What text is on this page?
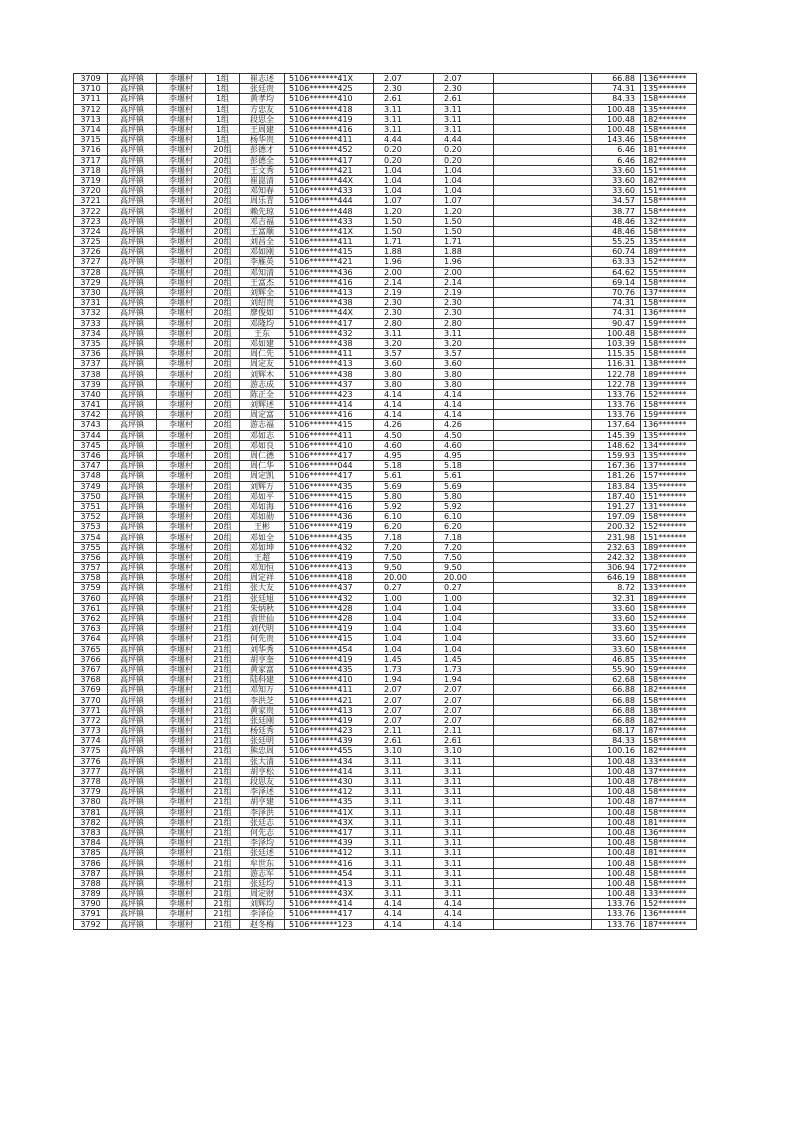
3709	高坪镇	李堰村	1组	崔志述	5106*******41X	2.07	2.07		66.88	136*******
3710	高坪镇	李堰村	1组	张廷贵	5106*******425	2.30	2.30		74.31	135*******
3711	高坪镇	李堰村	1组	黄孝均	5106*******410	2.61	2.61		84.33	158*******
3712	高坪镇	李堰村	1组	方忠友	5106*******418	3.11	3.11		100.48	135*******
3713	高坪镇	李堰村	1组	段思全	5106*******419	3.11	3.11		100.48	182*******
3714	高坪镇	李堰村	1组	王周建	5106*******416	3.11	3.11		100.48	158*******
3715	高坪镇	李堰村	1组	杨华贵	5106*******411	4.44	4.44		143.46	158*******
3716	高坪镇	李堰村	20组	彭德才	5106*******452	0.20	0.20		6.46	181*******
3717	高坪镇	李堰村	20组	彭德全	5106*******417	0.20	0.20		6.46	182*******
3718	高坪镇	李堰村	20组	王文秀	5106*******421	1.04	1.04		33.60	151*******
3719	高坪镇	李堰村	20组	崔崑清	5106*******44X	1.04	1.04		33.60	182*******
3720	高坪镇	李堰村	20组	邓知春	5106*******433	1.04	1.04		33.60	151*******
3721	高坪镇	李堰村	20组	周乐青	5106*******444	1.07	1.07		34.57	158*******
3722	高坪镇	李堰村	20组	赖先琼	5106*******448	1.20	1.20		38.77	158*******
3723	高坪镇	李堰村	20组	邓吉福	5106*******433	1.50	1.50		48.46	132*******
3724	高坪镇	李堰村	20组	王富顺	5106*******41X	1.50	1.50		48.46	158*******
3725	高坪镇	李堰村	20组	刘昌全	5106*******411	1.71	1.71		55.25	135*******
3726	高坪镇	李堰村	20组	邓如刚	5106*******415	1.88	1.88		60.74	189*******
3727	高坪镇	李堰村	20组	李雁英	5106*******421	1.96	1.96		63.33	152*******
3728	高坪镇	李堰村	20组	邓知清	5106*******436	2.00	2.00		64.62	155*******
3729	高坪镇	李堰村	20组	王富杰	5106*******416	2.14	2.14		69.14	158*******
3730	高坪镇	李堰村	20组	刘辉全	5106*******413	2.19	2.19		70.76	137*******
3731	高坪镇	李堰村	20组	刘绍贵	5106*******438	2.30	2.30		74.31	158*******
3732	高坪镇	李堰村	20组	廖俊如	5106*******44X	2.30	2.30		74.31	136*******
3733	高坪镇	李堰村	20组	邓隆均	5106*******417	2.80	2.80		90.47	159*******
3734	高坪镇	李堰村	20组	王东	5106*******432	3.11	3.11		100.48	158*******
3735	高坪镇	李堰村	20组	邓如建	5106*******438	3.20	3.20		103.39	158*******
3736	高坪镇	李堰村	20组	周仁先	5106*******411	3.57	3.57		115.35	158*******
3737	高坪镇	李堰村	20组	周定友	5106*******413	3.60	3.60		116.31	138*******
3738	高坪镇	李堰村	20组	刘辉木	5106*******438	3.80	3.80		122.78	189*******
3739	高坪镇	李堰村	20组	游志成	5106*******437	3.80	3.80		122.78	139*******
3740	高坪镇	李堰村	20组	陈正全	5106*******423	4.14	4.14		133.76	152*******
3741	高坪镇	李堰村	20组	刘辉述	5106*******414	4.14	4.14		133.76	158*******
3742	高坪镇	李堰村	20组	周定富	5106*******416	4.14	4.14		133.76	159*******
3743	高坪镇	李堰村	20组	游志福	5106*******415	4.26	4.26		137.64	136*******
3744	高坪镇	李堰村	20组	邓如志	5106*******411	4.50	4.50		145.39	135*******
3745	高坪镇	李堰村	20组	邓如良	5106*******410	4.60	4.60		148.62	134*******
3746	高坪镇	李堰村	20组	周仁德	5106*******417	4.95	4.95		159.93	135*******
3747	高坪镇	李堰村	20组	周仁华	5106*******044	5.18	5.18		167.36	137*******
3748	高坪镇	李堰村	20组	周定凯	5106*******417	5.61	5.61		181.26	157*******
3749	高坪镇	李堰村	20组	刘辉万	5106*******435	5.69	5.69		183.84	135*******
3750	高坪镇	李堰村	20组	邓如平	5106*******415	5.80	5.80		187.40	151*******
3751	高坪镇	李堰村	20组	邓如海	5106*******416	5.92	5.92		191.27	131*******
3752	高坪镇	李堰村	20组	邓如勋	5106*******436	6.10	6.10		197.09	158*******
3753	高坪镇	李堰村	20组	王彬	5106*******419	6.20	6.20		200.32	152*******
3754	高坪镇	李堰村	20组	邓如全	5106*******435	7.18	7.18		231.98	151*******
3755	高坪镇	李堰村	20组	邓如坤	5106*******432	7.20	7.20		232.63	189*******
3756	高坪镇	李堰村	20组	王超	5106*******419	7.50	7.50		242.32	138*******
3757	高坪镇	李堰村	20组	邓知恒	5106*******413	9.50	9.50		306.94	172*******
3758	高坪镇	李堰村	20组	周定祥	5106*******418	20.00	20.00		646.19	188*******
3759	高坪镇	李堰村	21组	张大友	5106*******437	0.27	0.27		8.72	133*******
3760	高坪镇	李堰村	21组	张廷旭	5106*******432	1.00	1.00		32.31	189*******
3761	高坪镇	李堰村	21组	朱炳秋	5106*******428	1.04	1.04		33.60	158*******
3762	高坪镇	李堰村	21组	袁世仙	5106*******428	1.04	1.04		33.60	152*******
3763	高坪镇	李堰村	21组	刘代明	5106*******419	1.04	1.04		33.60	135*******
3764	高坪镇	李堰村	21组	何先贵	5106*******415	1.04	1.04		33.60	152*******
3765	高坪镇	李堰村	21组	刘华秀	5106*******454	1.04	1.04		33.60	158*******
3766	高坪镇	李堰村	21组	胡亨奎	5106*******419	1.45	1.45		46.85	135*******
3767	高坪镇	李堰村	21组	黄家富	5106*******435	1.73	1.73		55.90	159*******
3768	高坪镇	李堰村	21组	陆科建	5106*******410	1.94	1.94		62.68	158*******
3769	高坪镇	李堰村	21组	邓知万	5106*******411	2.07	2.07		66.88	182*******
3770	高坪镇	李堰村	21组	李洪芝	5106*******421	2.07	2.07		66.88	158*******
3771	高坪镇	李堰村	21组	黄家贵	5106*******413	2.07	2.07		66.88	138*******
3772	高坪镇	李堰村	21组	张廷刚	5106*******419	2.07	2.07		66.88	182*******
3773	高坪镇	李堰村	21组	杨廷秀	5106*******423	2.11	2.11		68.17	187*******
3774	高坪镇	李堰村	21组	张廷明	5106*******439	2.61	2.61		84.33	158*******
3775	高坪镇	李堰村	21组	熊忠周	5106*******455	3.10	3.10		100.16	182*******
3776	高坪镇	李堰村	21组	张大清	5106*******434	3.11	3.11		100.48	133*******
3777	高坪镇	李堰村	21组	胡亨松	5106*******414	3.11	3.11		100.48	137*******
3778	高坪镇	李堰村	21组	段思友	5106*******430	3.11	3.11		100.48	178*******
3779	高坪镇	李堰村	21组	李泽述	5106*******412	3.11	3.11		100.48	158*******
3780	高坪镇	李堰村	21组	胡亨建	5106*******435	3.11	3.11		100.48	187*******
3781	高坪镇	李堰村	21组	李泽洪	5106*******41X	3.11	3.11		100.48	158*******
3782	高坪镇	李堰村	21组	张廷志	5106*******43X	3.11	3.11		100.48	181*******
3783	高坪镇	李堰村	21组	何先志	5106*******417	3.11	3.11		100.48	136*******
3784	高坪镇	李堰村	21组	李泽均	5106*******439	3.11	3.11		100.48	158*******
3785	高坪镇	李堰村	21组	张廷述	5106*******412	3.11	3.11		100.48	181*******
3786	高坪镇	李堰村	21组	牟世东	5106*******416	3.11	3.11		100.48	158*******
3787	高坪镇	李堰村	21组	游志军	5106*******454	3.11	3.11		100.48	158*******
3788	高坪镇	李堰村	21组	张廷均	5106*******413	3.11	3.11		100.48	158*******
3789	高坪镇	李堰村	21组	周定财	5106*******43X	3.11	3.11		100.48	133*******
3790	高坪镇	李堰村	21组	刘辉均	5106*******414	4.14	4.14		133.76	152*******
3791	高坪镇	李堰村	21组	李泽俭	5106*******417	4.14	4.14		133.76	136*******
3792	高坪镇	李堰村	21组	赵冬梅	5106*******123	4.14	4.14		133.76	187*******
